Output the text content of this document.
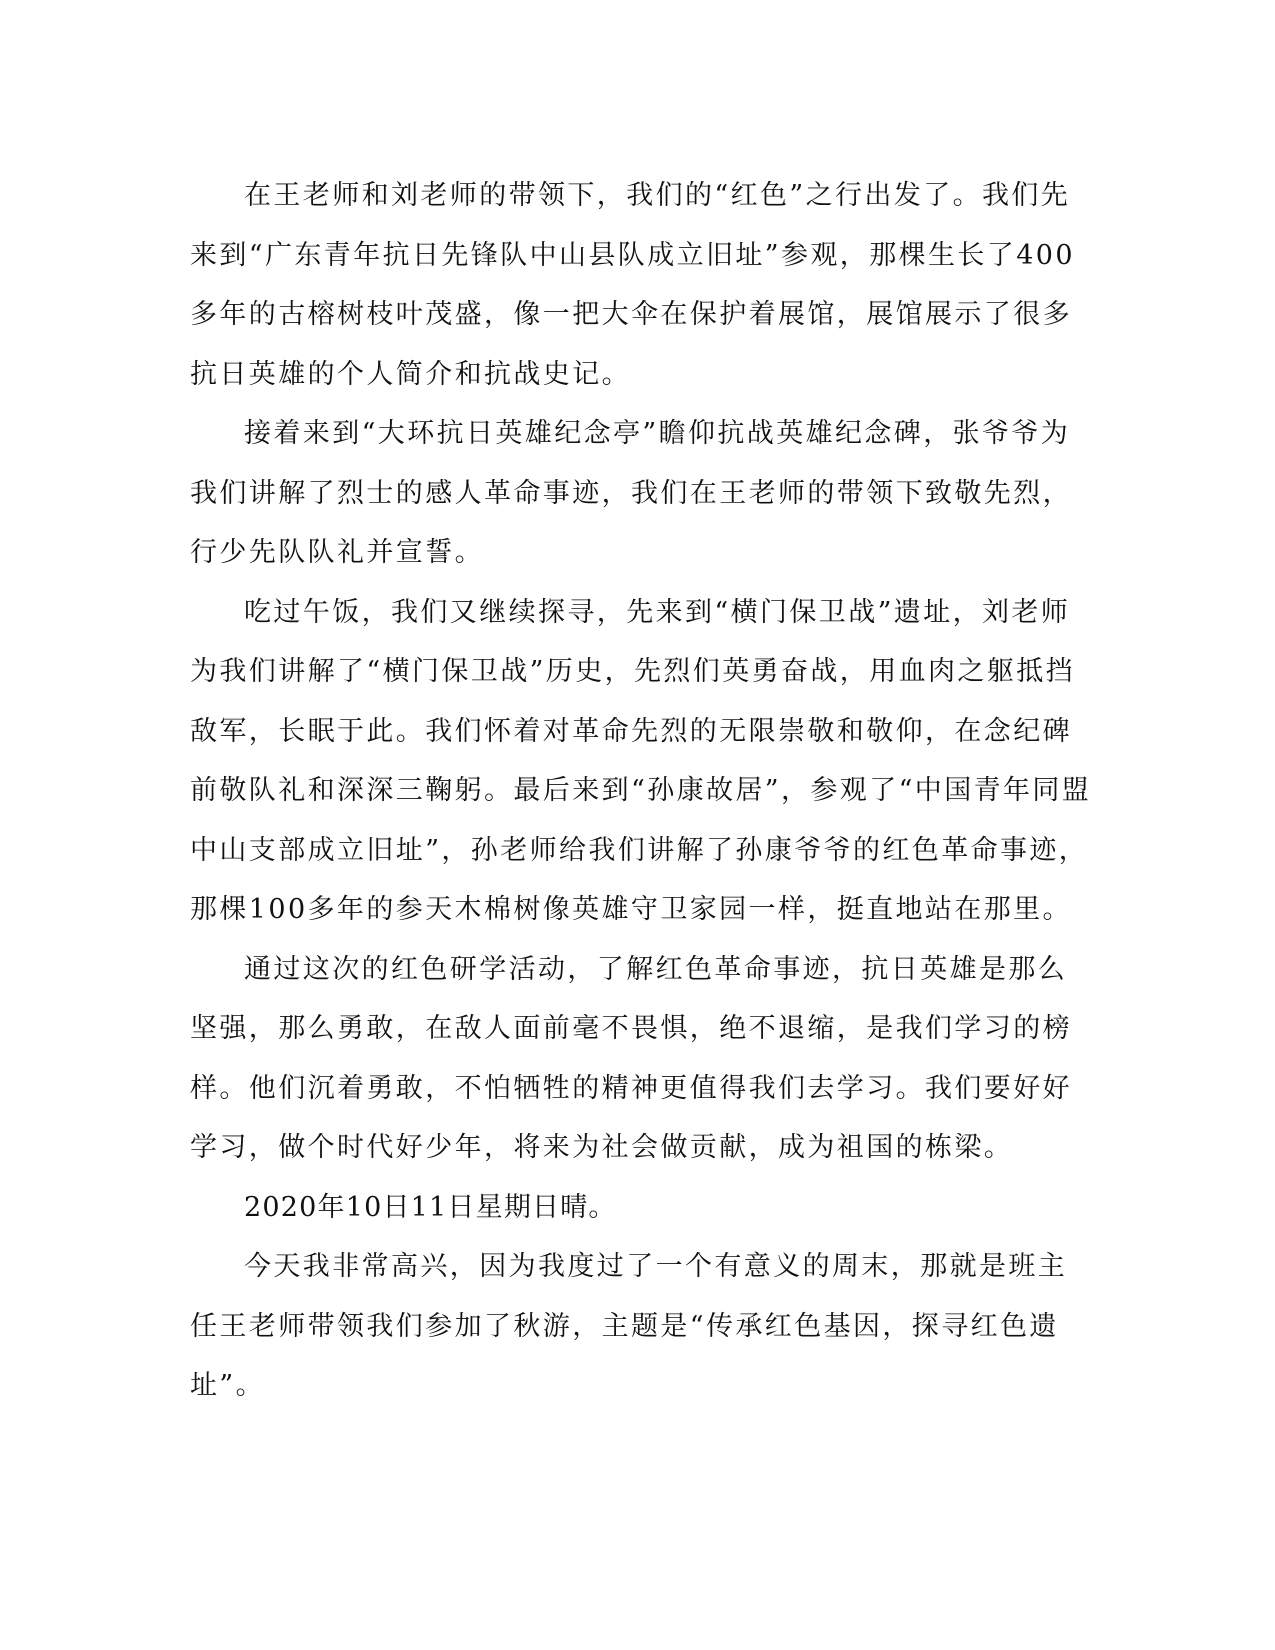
在王老师和刘老师的带领下，我们的“红色”之行出发了。我们先来到“广东青年抗日先锋队中山县队成立旧址”参观，那棵生长了400多年的古榕树枝叶茂盛，像一把大伞在保护着展馆，展馆展示了很多抗日英雄的个人简介和抗战史记。

接着来到“大环抗日英雄纪念亭”瞻仰抗战英雄纪念碑，张爷爷为我们讲解了烈士的感人革命事迹，我们在王老师的带领下致敬先烈，行少先队队礼并宣誓。

吃过午饭，我们又继续探寻，先来到“横门保卫战”遗址，刘老师为我们讲解了“横门保卫战”历史，先烈们英勇奋战，用血肉之躯抵挡敌军，长眠于此。我们怀着对革命先烈的无限崇敬和敬仰，在念纪碑前敬队礼和深深三鞠躬。最后来到“孙康故居”，参观了“中国青年同盟中山支部成立旧址”，孙老师给我们讲解了孙康爷爷的红色革命事迹，那棵100多年的参天木棉树像英雄守卫家园一样，挺直地站在那里。

通过这次的红色研学活动，了解红色革命事迹，抗日英雄是那么坚强，那么勇敢，在敌人面前毫不畏惧，绝不退缩，是我们学习的榜样。他们沉着勇敢，不怕牺牲的精神更值得我们去学习。我们要好好学习，做个时代好少年，将来为社会做贡献，成为祖国的栋梁。

2020年10日11日星期日晴。

今天我非常高兴，因为我度过了一个有意义的周末，那就是班主任王老师带领我们参加了秋游，主题是“传承红色基因，探寻红色遗址”。
